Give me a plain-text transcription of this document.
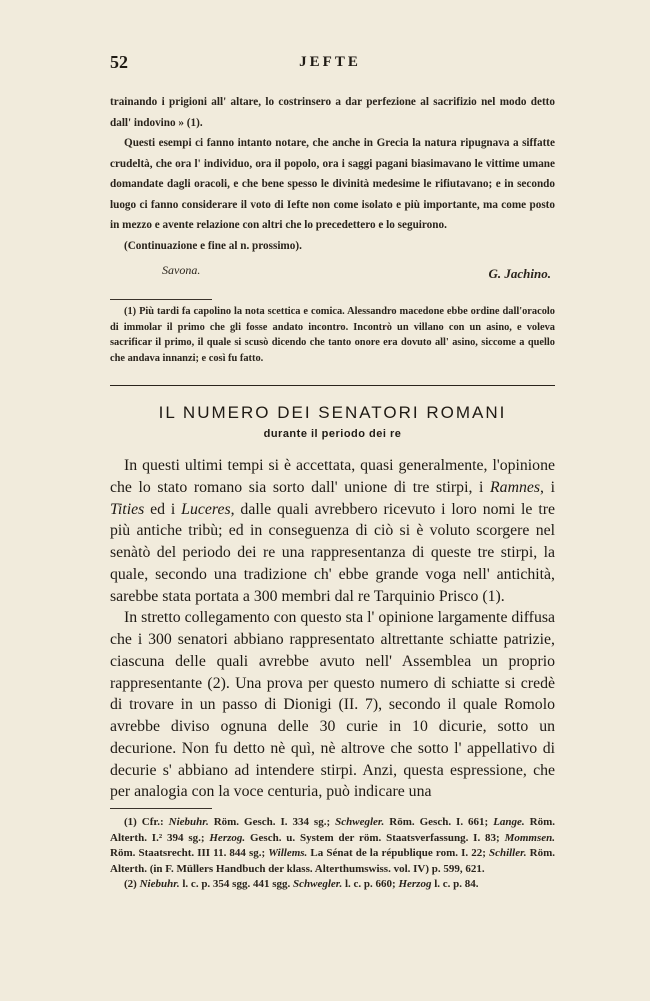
52	JEFTE

trainando i prigioni all' altare, lo costrinsero a dar perfezione al sacrifizio nel modo detto dall' indovino » (1).

Questi esempi ci fanno intanto notare, che anche in Grecia la natura ripugnava a siffatte crudeltà, che ora l' individuo, ora il popolo, ora i saggi pagani biasimavano le vittime umane domandate dagli oracoli, e che bene spesso le divinità medesime le rifiutavano; e in secondo luogo ci fanno considerare il voto di Iefte non come isolato e più importante, ma come posto in mezzo e avente relazione con altri che lo precedettero e lo seguirono.

(Continuazione e fine al n. prossimo).

Savona.	G. Jachino.

(1) Più tardi fa capolino la nota scettica e comica. Alessandro macedone ebbe ordine dall'oracolo di immolar il primo che gli fosse andato incontro. Incontrò un villano con un asino, e voleva sacrificar il primo, il quale si scusò dicendo che tanto onore era dovuto all' asino, siccome a quello che andava innanzi; e così fu fatto.

IL NUMERO DEI SENATORI ROMANI
durante il periodo dei re

In questi ultimi tempi si è accettata, quasi generalmente, l'opinione che lo stato romano sia sorto dall' unione di tre stirpi, i Ramnes, i Tities ed i Luceres, dalle quali avrebbero ricevuto i loro nomi le tre più antiche tribù; ed in conseguenza di ciò si è voluto scorgere nel senàtò del periodo dei re una rappresentanza di queste tre stirpi, la quale, secondo una tradizione ch' ebbe grande voga nell' antichità, sarebbe stata portata a 300 membri dal re Tarquinio Prisco (1).

In stretto collegamento con questo sta l' opinione largamente diffusa che i 300 senatori abbiano rappresentato altrettante schiatte patrizie, ciascuna delle quali avrebbe avuto nell' Assemblea un proprio rappresentante (2). Una prova per questo numero di schiatte si credè di trovare in un passo di Dionigi (II. 7), secondo il quale Romolo avrebbe diviso ognuna delle 30 curie in 10 dicurie, sotto un decurione. Non fu detto nè quì, nè altrove che sotto l' appellativo di decurie s' abbiano ad intendere stirpi. Anzi, questa espressione, che per analogia con la voce centuria, può indicare una

(1) Cfr.: Niebuhr. Röm. Gesch. I. 334 sg.; Schwegler. Röm. Gesch. I. 661; Lange. Röm. Alterth. I.² 394 sg.; Herzog. Gesch. u. System der röm. Staatsverfassung. I. 83; Mommsen. Röm. Staatsrecht. III 11. 844 sg.; Willems. La Sénat de la république rom. I. 22; Schiller. Röm. Alterth. (in F. Müllers Handbuch der klass. Alterthumswiss. vol. IV) p. 599, 621.

(2) Niebuhr. l. c. p. 354 sgg. 441 sgg. Schwegler. l. c. p. 660; Herzog l. c. p. 84.
